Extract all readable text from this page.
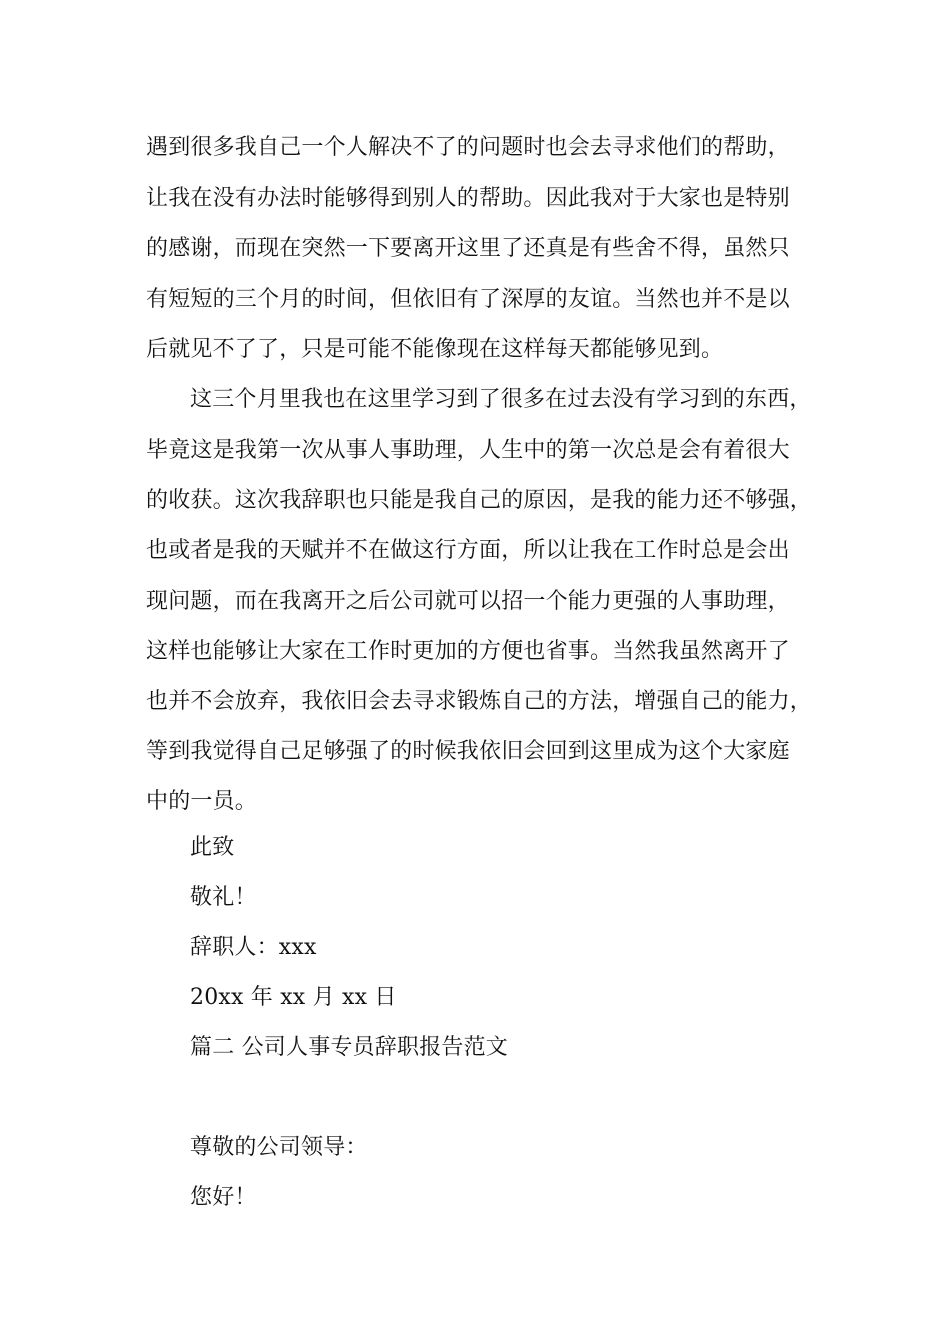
遇到很多我自己一个人解决不了的问题时也会去寻求他们的帮助，
让我在没有办法时能够得到别人的帮助。因此我对于大家也是特别
的感谢，而现在突然一下要离开这里了还真是有些舍不得，虽然只
有短短的三个月的时间，但依旧有了深厚的友谊。当然也并不是以
后就见不了了，只是可能不能像现在这样每天都能够见到。
这三个月里我也在这里学习到了很多在过去没有学习到的东西，
毕竟这是我第一次从事人事助理，人生中的第一次总是会有着很大
的收获。这次我辞职也只能是我自己的原因，是我的能力还不够强，
也或者是我的天赋并不在做这行方面，所以让我在工作时总是会出
现问题，而在我离开之后公司就可以招一个能力更强的人事助理，
这样也能够让大家在工作时更加的方便也省事。当然我虽然离开了
也并不会放弃，我依旧会去寻求锻炼自己的方法，增强自己的能力，
等到我觉得自己足够强了的时候我依旧会回到这里成为这个大家庭
中的一员。
此致
敬礼！
辞职人：xxx
20xx 年 xx 月 xx 日
篇二 公司人事专员辞职报告范文
尊敬的公司领导：
您好！
